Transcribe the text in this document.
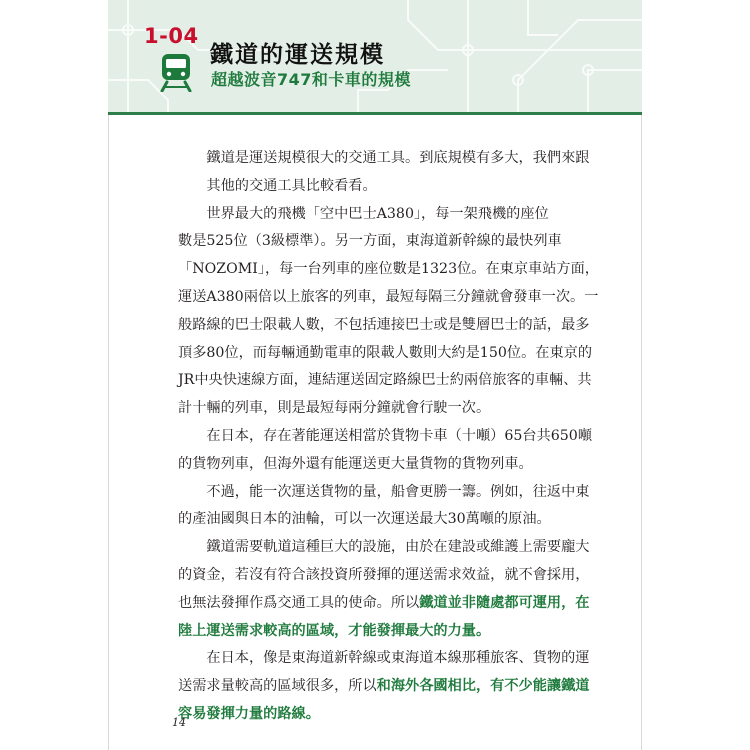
1-04
鐵道的運送規模
超越波音747和卡車的規模

鐵道是運送規模很大的交通工具。到底規模有多大，我們來跟
其他的交通工具比較看看。

世界最大的飛機「空中巴士A380」，每一架飛機的座位
數是525位（3級標準）。另一方面，東海道新幹線的最快列車
「NOZOMI」，每一台列車的座位數是1323位。在東京車站方面，
運送A380兩倍以上旅客的列車，最短每隔三分鐘就會發車一次。一
般路線的巴士限載人數，不包括連接巴士或是雙層巴士的話，最多
頂多80位，而每輛通勤電車的限載人數則大約是150位。在東京的
JR中央快速線方面，連結運送固定路線巴士約兩倍旅客的車輛、共
計十輛的列車，則是最短每兩分鐘就會行駛一次。

在日本，存在著能運送相當於貨物卡車（十噸）65台共650噸
的貨物列車，但海外還有能運送更大量貨物的貨物列車。

不過，能一次運送貨物的量，船會更勝一籌。例如，往返中東
的產油國與日本的油輪，可以一次運送最大30萬噸的原油。

鐵道需要軌道這種巨大的設施，由於在建設或維護上需要龐大
的資金，若沒有符合該投資所發揮的運送需求效益，就不會採用，
也無法發揮作爲交通工具的使命。所以鐵道並非隨處都可運用，在
陸上運送需求較高的區域，才能發揮最大的力量。

在日本，像是東海道新幹線或東海道本線那種旅客、貨物的運
送需求量較高的區域很多，所以和海外各國相比，有不少能讓鐵道
容易發揮力量的路線。

14
